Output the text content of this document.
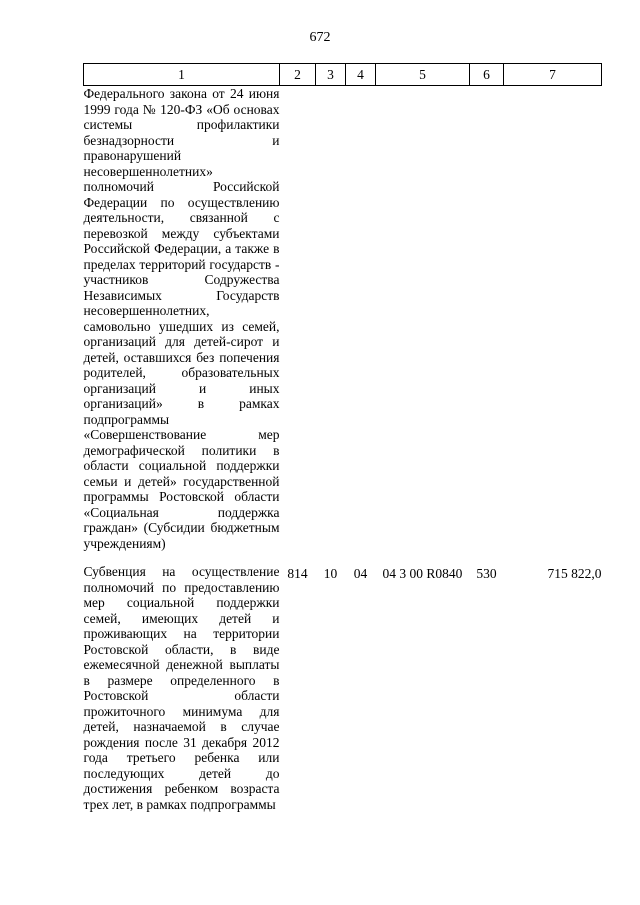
672
1	2	3	4	5	6	7
Федерального закона от 24 июня 1999 года № 120-ФЗ «Об основах системы профилактики безнадзорности и правонарушений несовершеннолетних» полномочий Российской Федерации по осуществлению деятельности, связанной с перевозкой между субъектами Российской Федерации, а также в пределах территорий государств - участников Содружества Независимых Государств несовершеннолетних, самовольно ушедших из семей, организаций для детей-сирот и детей, оставшихся без попечения родителей, образовательных организаций и иных организаций» в рамках подпрограммы «Совершенствование мер демографической политики в области социальной поддержки семьи и детей» государственной программы Ростовской области «Социальная поддержка граждан» (Субсидии бюджетным учреждениям)						
Субвенция на осуществление полномочий по предоставлению мер социальной поддержки семей, имеющих детей и проживающих на территории Ростовской области, в виде ежемесячной денежной выплаты в размере определенного в Ростовской области прожиточного минимума для детей, назначаемой в случае рождения после 31 декабря 2012 года третьего ребенка или последующих детей до достижения ребенком возраста трех лет, в рамках подпрограммы	814	10	04	04 3 00 R0840	530	715 822,0
